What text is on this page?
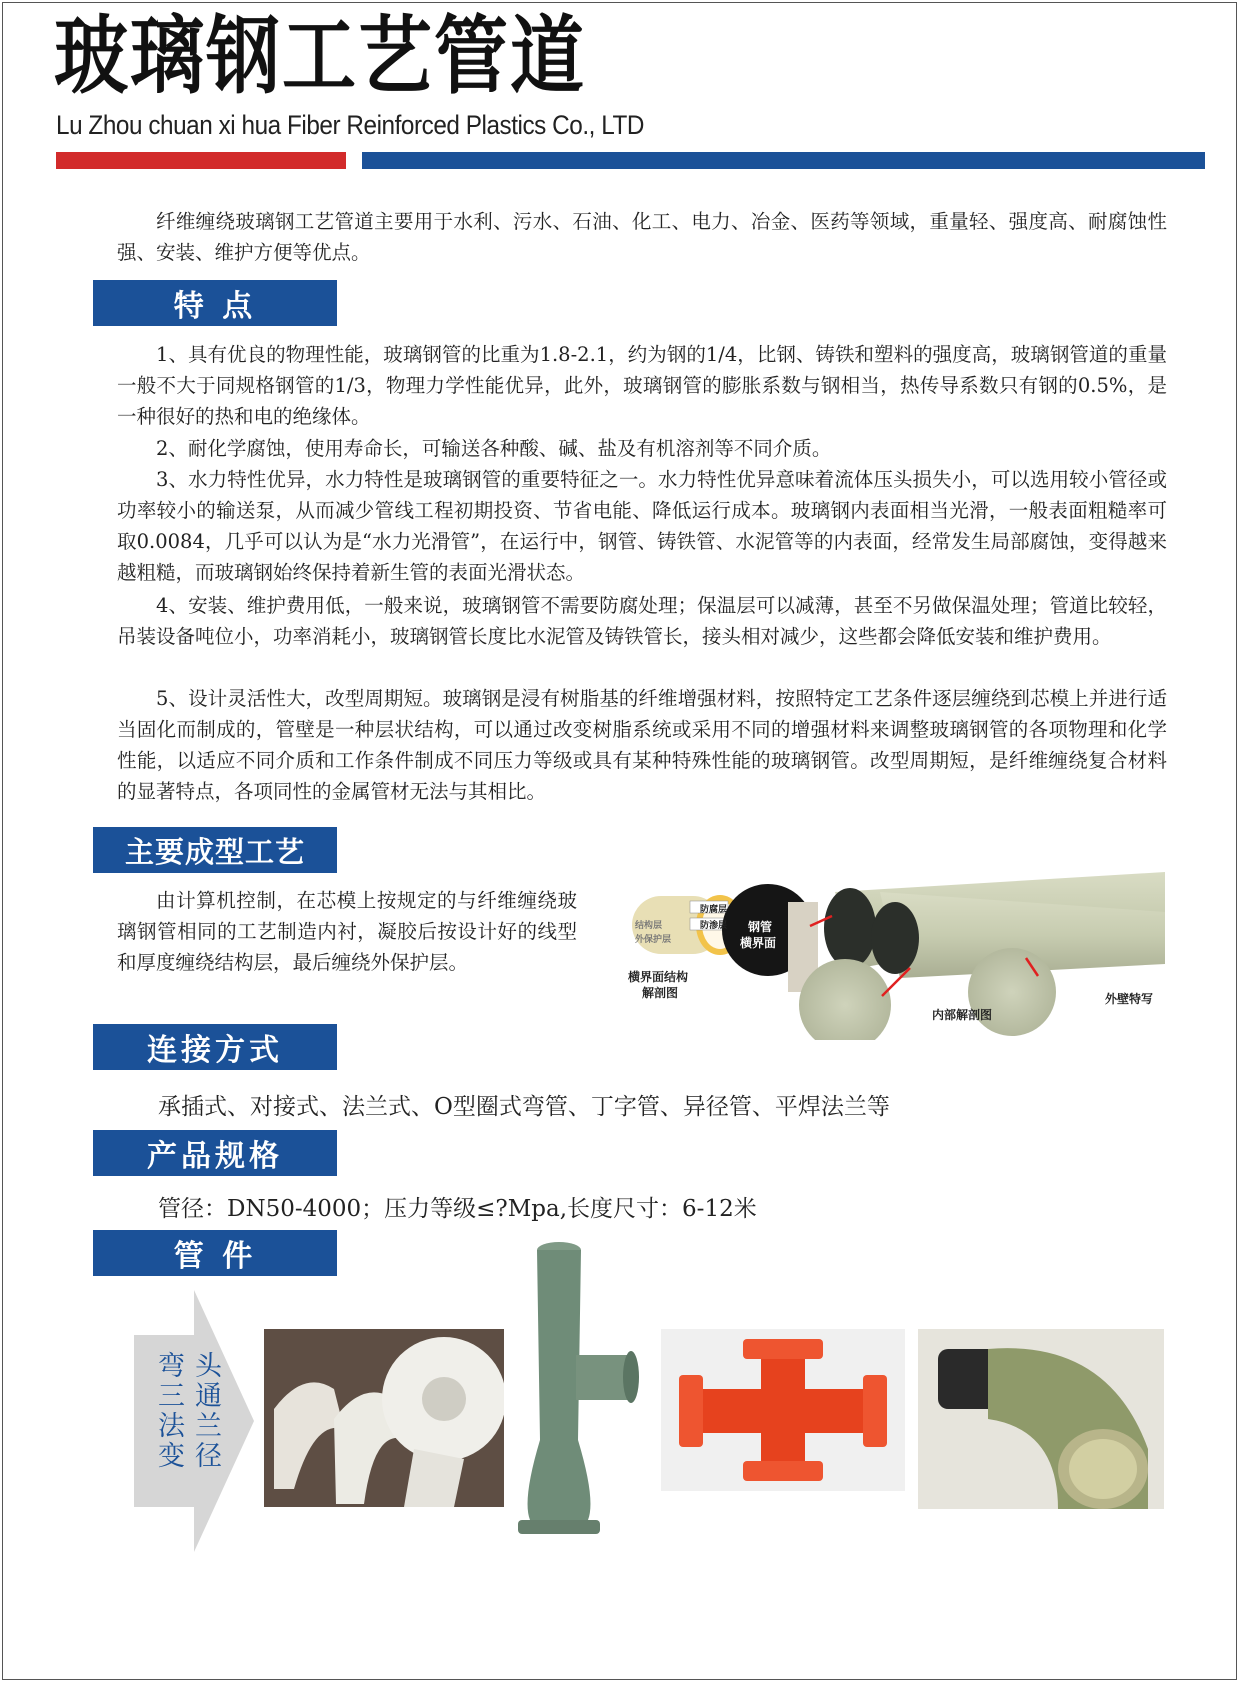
玻璃钢工艺管道
Lu Zhou chuan xi hua Fiber Reinforced Plastics Co., LTD

纤维缠绕玻璃钢工艺管道主要用于水利、污水、石油、化工、电力、冶金、医药等领域，重量轻、强度高、耐腐蚀性强、安装、维护方便等优点。

特 点

1、具有优良的物理性能，玻璃钢管的比重为1.8-2.1，约为钢的1/4，比钢、铸铁和塑料的强度高，玻璃钢管道的重量一般不大于同规格钢管的1/3，物理力学性能优异，此外，玻璃钢管的膨胀系数与钢相当，热传导系数只有钢的0.5%，是一种很好的热和电的绝缘体。

2、耐化学腐蚀，使用寿命长，可输送各种酸、碱、盐及有机溶剂等不同介质。

3、水力特性优异，水力特性是玻璃钢管的重要特征之一。水力特性优异意味着流体压头损失小，可以选用较小管径或功率较小的输送泵，从而减少管线工程初期投资、节省电能、降低运行成本。玻璃钢内表面相当光滑，一般表面粗糙率可取0.0084，几乎可以认为是“水力光滑管”，在运行中，钢管、铸铁管、水泥管等的内表面，经常发生局部腐蚀，变得越来越粗糙，而玻璃钢始终保持着新生管的表面光滑状态。

4、安装、维护费用低，一般来说，玻璃钢管不需要防腐处理；保温层可以减薄，甚至不另做保温处理；管道比较轻，吊装设备吨位小，功率消耗小，玻璃钢管长度比水泥管及铸铁管长，接头相对减少，这些都会降低安装和维护费用。

5、设计灵活性大，改型周期短。玻璃钢是浸有树脂基的纤维增强材料，按照特定工艺条件逐层缠绕到芯模上并进行适当固化而制成的，管壁是一种层状结构，可以通过改变树脂系统或采用不同的增强材料来调整玻璃钢管的各项物理和化学性能，以适应不同介质和工作条件制成不同压力等级或具有某种特殊性能的玻璃钢管。改型周期短，是纤维缠绕复合材料的显著特点，各项同性的金属管材无法与其相比。

主要成型工艺

由计算机控制，在芯模上按规定的与纤维缠绕玻璃钢管相同的工艺制造内衬，凝胶后按设计好的线型和厚度缠绕结构层，最后缠绕外保护层。

防腐层
防渗层
结构层
外保护层
横界面结构
解剖图
钢管
横界面
内部解剖图
外壁特写
连接方式
承插式、对接式、法兰式、O型圈式弯管、丁字管、异径管、平焊法兰等
产品规格
管径：DN50-4000；压力等级≤?Mpa,长度尺寸：6-12米
管 件
弯 头
三 通
法 兰
变 径
